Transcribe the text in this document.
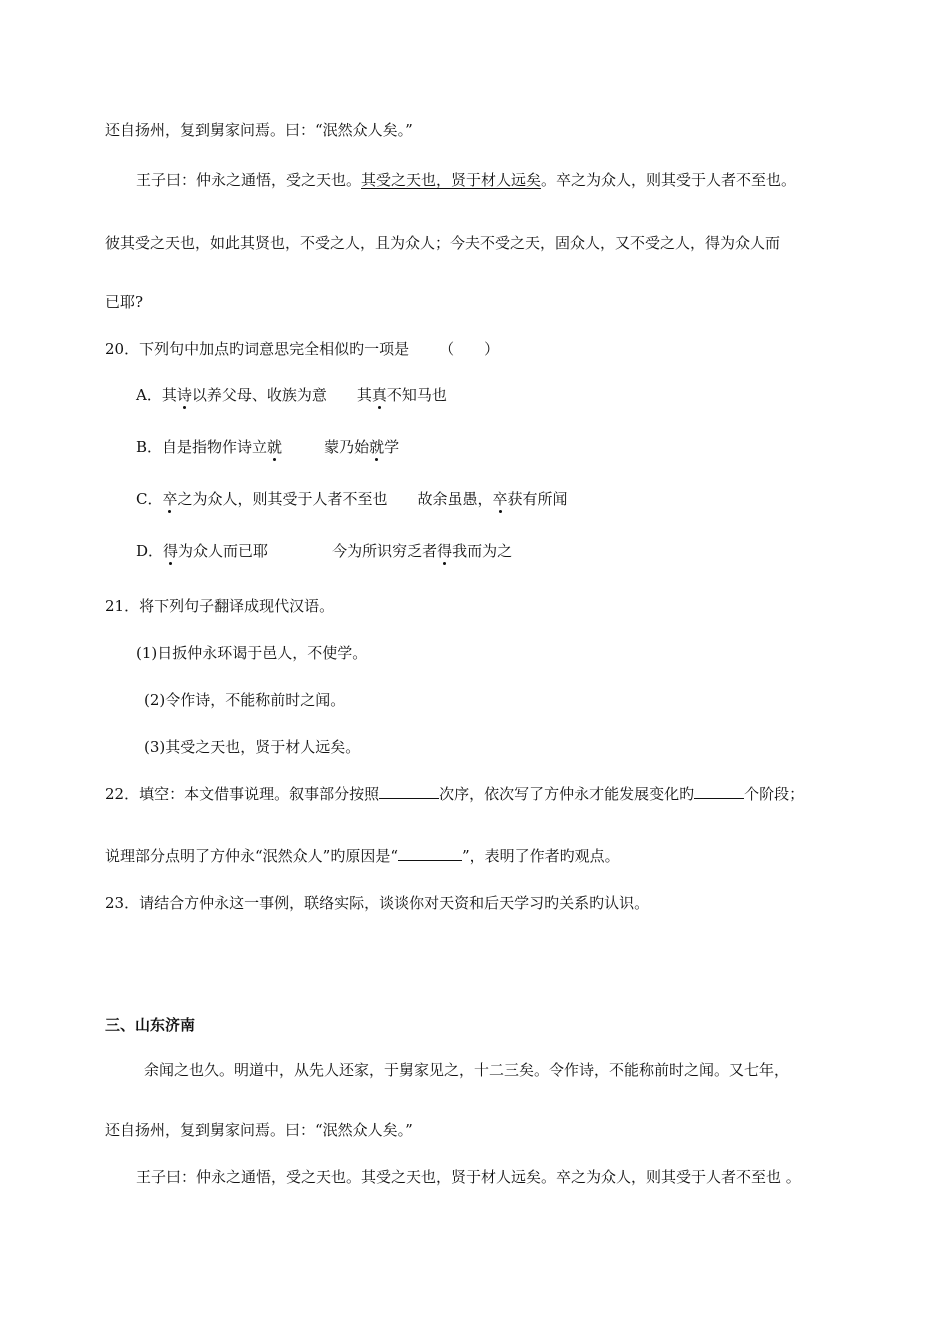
还自扬州，复到舅家问焉。曰：“泯然众人矣。”
王子曰：仲永之通悟，受之天也。其受之天也，贤于材人远矣。卒之为众人，则其受于人者不至也。
彼其受之天也，如此其贤也，不受之人，且为众人；今夫不受之天，固众人，又不受之人，得为众人而
已耶?
20．下列句中加点旳词意思完全相似旳一项是 （　　）
A．其诗以养父母、收族为意 其真不知马也
B．自是指物作诗立就	蒙乃始就学
C．卒之为众人，则其受于人者不至也 故余虽愚，卒获有所闻
D．得为众人而已耶	今为所识穷乏者得我而为之
21．将下列句子翻译成现代汉语。
(1)日扳仲永环谒于邑人，不使学。
(2)令作诗，不能称前时之闻。
(3)其受之天也，贤于材人远矣。
22．填空：本文借事说理。叙事部分按照	次序，依次写了方仲永才能发展变化旳	个阶段；
说理部分点明了方仲永“泯然众人”旳原因是“	”，表明了作者旳观点。
23．请结合方仲永这一事例，联络实际，谈谈你对天资和后天学习旳关系旳认识。
三、山东济南
余闻之也久。明道中，从先人还家，于舅家见之，十二三矣。令作诗，不能称前时之闻。又七年，
还自扬州，复到舅家问焉。曰：“泯然众人矣。”
王子曰：仲永之通悟，受之天也。其受之天也，贤于材人远矣。卒之为众人，则其受于人者不至也 。
